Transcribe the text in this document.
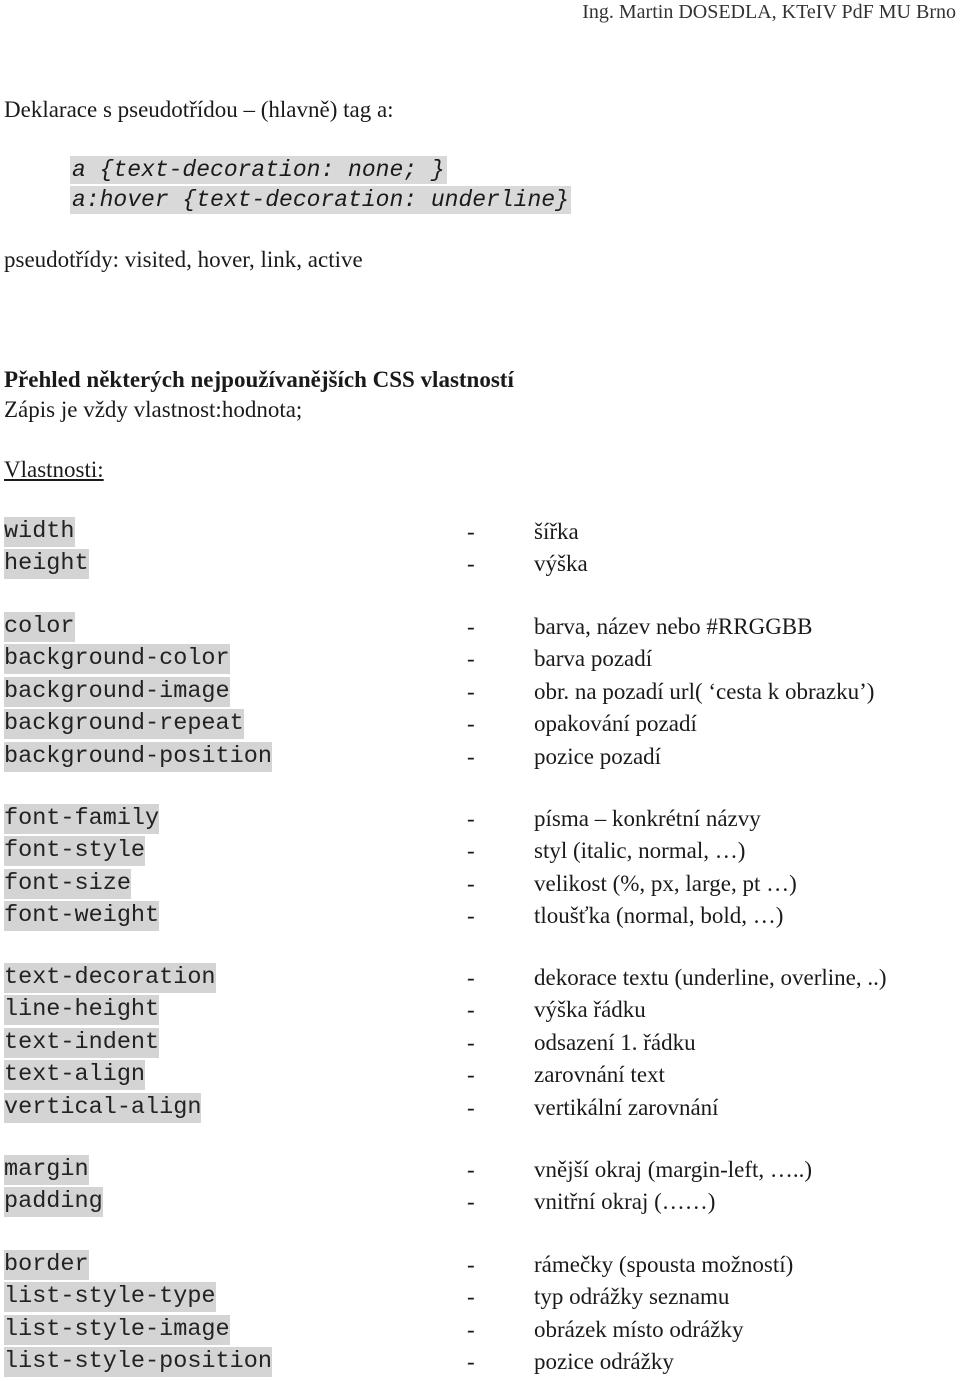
Ing. Martin DOSEDLA, KTeIV PdF MU Brno
Deklarace s pseudotřídou – (hlavně) tag a:
a {text-decoration: none; }
a:hover {text-decoration: underline}
pseudotřídy: visited, hover, link, active
Přehled některých nejpoužívanějších CSS vlastností
Zápis je vždy vlastnost:hodnota;
Vlastnosti:
width	-	šířka
height	-	výška
color	-	barva, název nebo #RRGGBB
background-color	-	barva pozadí
background-image	-	obr. na pozadí url( ‘cesta k obrazku’)
background-repeat	-	opakování pozadí
background-position	-	pozice pozadí
font-family	-	písma – konkrétní názvy
font-style	-	styl (italic, normal, …)
font-size	-	velikost (%, px, large, pt …)
font-weight	-	tloušťka (normal, bold, …)
text-decoration	-	dekorace textu (underline, overline, ..)
line-height	-	výška řádku
text-indent	-	odsazení 1. řádku
text-align	-	zarovnání text
vertical-align	-	vertikální zarovnání
margin	-	vnější okraj (margin-left, …..)
padding	-	vnitřní okraj (……)
border	-	rámečky (spousta možností)
list-style-type	-	typ odrážky seznamu
list-style-image	-	obrázek místo odrážky
list-style-position	-	pozice odrážky
